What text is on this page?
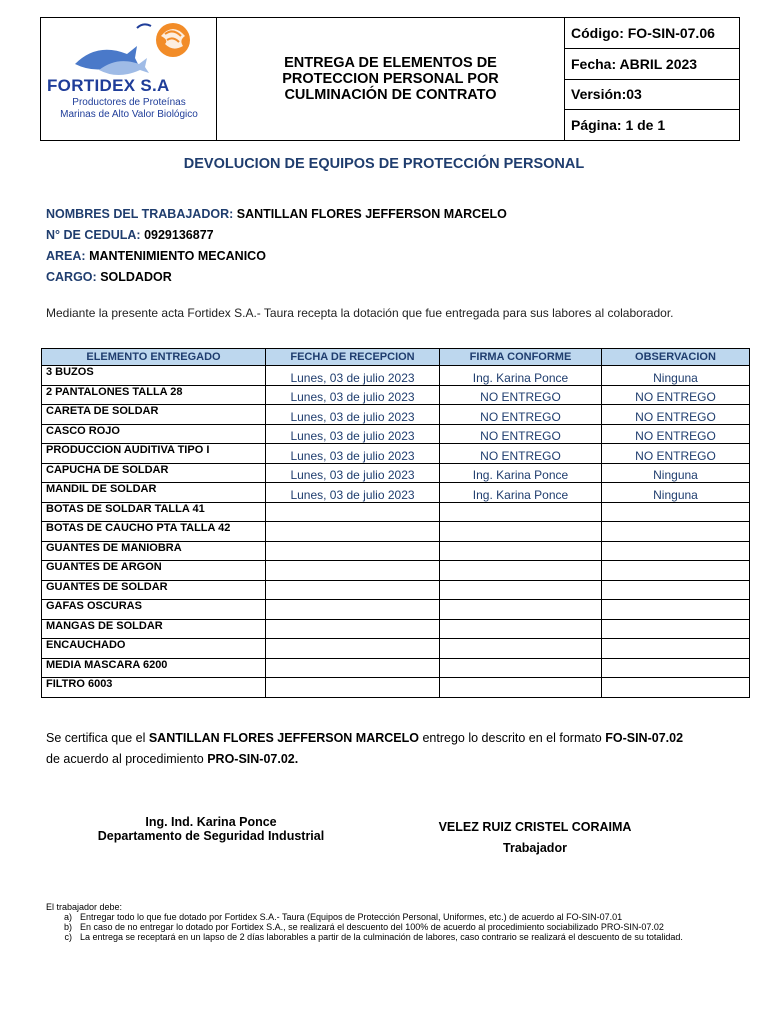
FORTIDEX S.A
Productores de Proteínas
Marinas de Alto Valor Biológico
ENTREGA DE ELEMENTOS DE PROTECCION PERSONAL POR CULMINACIÓN DE CONTRATO
Código: FO-SIN-07.06
Fecha: ABRIL 2023
Versión:03
Página: 1 de 1
DEVOLUCION DE EQUIPOS DE PROTECCIÓN PERSONAL
NOMBRES DEL TRABAJADOR: SANTILLAN FLORES JEFFERSON MARCELO
N° DE CEDULA: 0929136877
AREA: MANTENIMIENTO MECANICO
CARGO: SOLDADOR
Mediante la presente acta Fortidex S.A.- Taura recepta la dotación que fue entregada para sus labores al colaborador.
ELEMENTO ENTREGADO	FECHA DE RECEPCION	FIRMA CONFORME	OBSERVACION
3 BUZOS	Lunes, 03 de julio 2023	Ing. Karina Ponce	Ninguna
2 PANTALONES TALLA 28	Lunes, 03 de julio 2023	NO ENTREGO	NO ENTREGO
CARETA DE SOLDAR	Lunes, 03 de julio 2023	NO ENTREGO	NO ENTREGO
CASCO ROJO	Lunes, 03 de julio 2023	NO ENTREGO	NO ENTREGO
PRODUCCION AUDITIVA TIPO I	Lunes, 03 de julio 2023	NO ENTREGO	NO ENTREGO
CAPUCHA DE SOLDAR	Lunes, 03 de julio 2023	Ing. Karina Ponce	Ninguna
MANDIL DE SOLDAR	Lunes, 03 de julio 2023	Ing. Karina Ponce	Ninguna
BOTAS DE SOLDAR TALLA 41			
BOTAS DE CAUCHO PTA TALLA 42			
GUANTES DE MANIOBRA			
GUANTES DE ARGON			
GUANTES DE SOLDAR			
GAFAS OSCURAS			
MANGAS DE SOLDAR			
ENCAUCHADO			
MEDIA MASCARA 6200			
FILTRO 6003			
Se certifica que el SANTILLAN FLORES JEFFERSON MARCELO entrego lo descrito en el formato FO-SIN-07.02
de acuerdo al procedimiento PRO-SIN-07.02.
Ing. Ind. Karina Ponce
Departamento de Seguridad Industrial
VELEZ RUIZ CRISTEL CORAIMA
Trabajador
El trabajador debe:
a) Entregar todo lo que fue dotado por Fortidex S.A.- Taura (Equipos de Protección Personal, Uniformes, etc.) de acuerdo al FO-SIN-07.01
b) En caso de no entregar lo dotado por Fortidex S.A., se realizará el descuento del 100% de acuerdo al procedimiento sociabilizado PRO-SIN-07.02
c) La entrega se receptará en un lapso de 2 días laborables a partir de la culminación de labores, caso contrario se realizará el descuento de su totalidad.
